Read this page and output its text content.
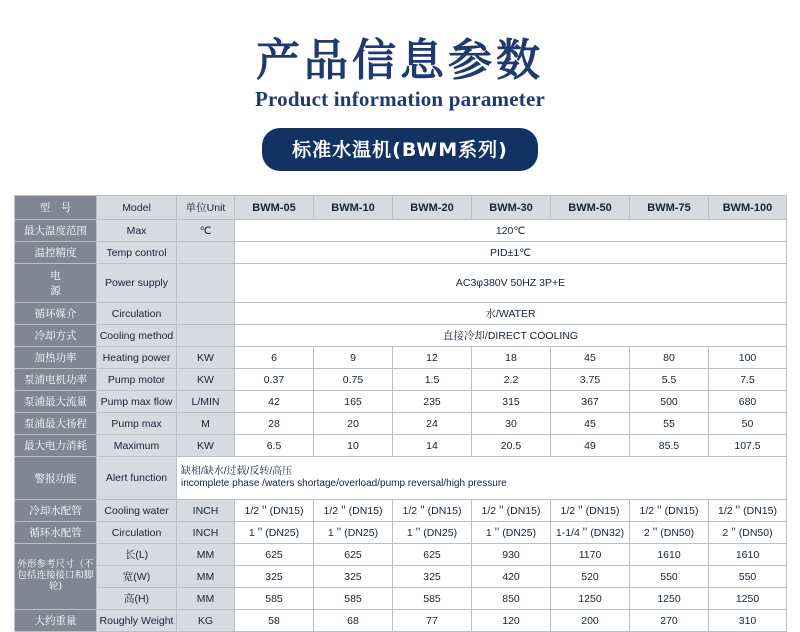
产品信息参数
Product information parameter
标准水温机(BWM系列)
型　号	Model	单位Unit	BWM-05	BWM-10	BWM-20	BWM-30	BWM-50	BWM-75	BWM-100
最大温度范围	Max	℃	120℃						
温控精度	Temp control		PID±1℃						

电
源	Power supply		AC3φ380V 50HZ 3P+E						
循环媒介	Circulation		水/WATER						
冷却方式	Cooling method		直接冷却/DIRECT COOLING						
加热功率	Heating power	KW	6	9	12	18	45	80	100
泵浦电机功率	Pump motor	KW	0.37	0.75	1.5	2.2	3.75	5.5	7.5
泵浦最大流量	Pump max flow	L/MIN	42	165	235	315	367	500	680
泵浦最大扬程	Pump max	M	28	20	24	30	45	55	50
最大电力消耗	Maximum	KW	6.5	10	14	20.5	49	85.5	107.5
警报功能	Alert function	缺相/缺水/过载/反转/高压
incomplete phase /waters shortage/overload/pump reversal/high pressure							

冷却水配管	Cooling water	INCH	1/2＂(DN15)	1/2＂(DN15)	1/2＂(DN15)	1/2＂(DN15)	1/2＂(DN15)	1/2＂(DN15)	1/2＂(DN15)
循环水配管	Circulation	INCH	1＂(DN25)	1＂(DN25)	1＂(DN25)	1＂(DN25)	1-1/4＂(DN32)	2＂(DN50)	2＂(DN50)
外形参考尺寸（不包括连接接口和脚轮)	长(L)	MM	625	625	625	930	1170	1610	1610
	宽(W)	MM	325	325	325	420	520	550	550
	高(H)	MM	585	585	585	850	1250	1250	1250
大约重量	Roughly Weight	KG	58	68	77	120	200	270	310
